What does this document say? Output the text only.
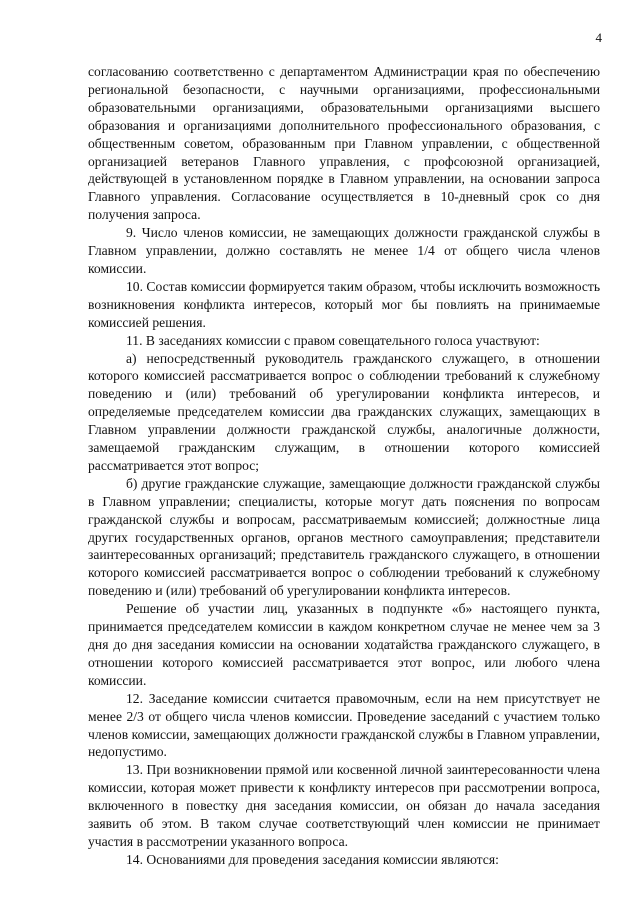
4

согласованию соответственно с департаментом Администрации края по обеспечению региональной безопасности, с научными организациями, профессиональными образовательными организациями, образовательными организациями высшего образования и организациями дополнительного профессионального образования, с общественным советом, образованным при Главном управлении, с общественной организацией ветеранов Главного управления, с профсоюзной организацией, действующей в установленном порядке в Главном управлении, на основании запроса Главного управления. Согласование осуществляется в 10-дневный срок со дня получения запроса.

9. Число членов комиссии, не замещающих должности гражданской службы в Главном управлении, должно составлять не менее 1/4 от общего числа членов комиссии.

10. Состав комиссии формируется таким образом, чтобы исключить возможность возникновения конфликта интересов, который мог бы повлиять на принимаемые комиссией решения.

11. В заседаниях комиссии с правом совещательного голоса участвуют:

а) непосредственный руководитель гражданского служащего, в отношении которого комиссией рассматривается вопрос о соблюдении требований к служебному поведению и (или) требований об урегулировании конфликта интересов, и определяемые председателем комиссии два гражданских служащих, замещающих в Главном управлении должности гражданской службы, аналогичные должности, замещаемой гражданским служащим, в отношении которого комиссией рассматривается этот вопрос;

б) другие гражданские служащие, замещающие должности гражданской службы в Главном управлении; специалисты, которые могут дать пояснения по вопросам гражданской службы и вопросам, рассматриваемым комиссией; должностные лица других государственных органов, органов местного самоуправления; представители заинтересованных организаций; представитель гражданского служащего, в отношении которого комиссией рассматривается вопрос о соблюдении требований к служебному поведению и (или) требований об урегулировании конфликта интересов.

Решение об участии лиц, указанных в подпункте «б» настоящего пункта, принимается председателем комиссии в каждом конкретном случае не менее чем за 3 дня до дня заседания комиссии на основании ходатайства гражданского служащего, в отношении которого комиссией рассматривается этот вопрос, или любого члена комиссии.

12. Заседание комиссии считается правомочным, если на нем присутствует не менее 2/3 от общего числа членов комиссии. Проведение заседаний с участием только членов комиссии, замещающих должности гражданской службы в Главном управлении, недопустимо.

13. При возникновении прямой или косвенной личной заинтересованности члена комиссии, которая может привести к конфликту интересов при рассмотрении вопроса, включенного в повестку дня заседания комиссии, он обязан до начала заседания заявить об этом. В таком случае соответствующий член комиссии не принимает участия в рассмотрении указанного вопроса.

14. Основаниями для проведения заседания комиссии являются:
